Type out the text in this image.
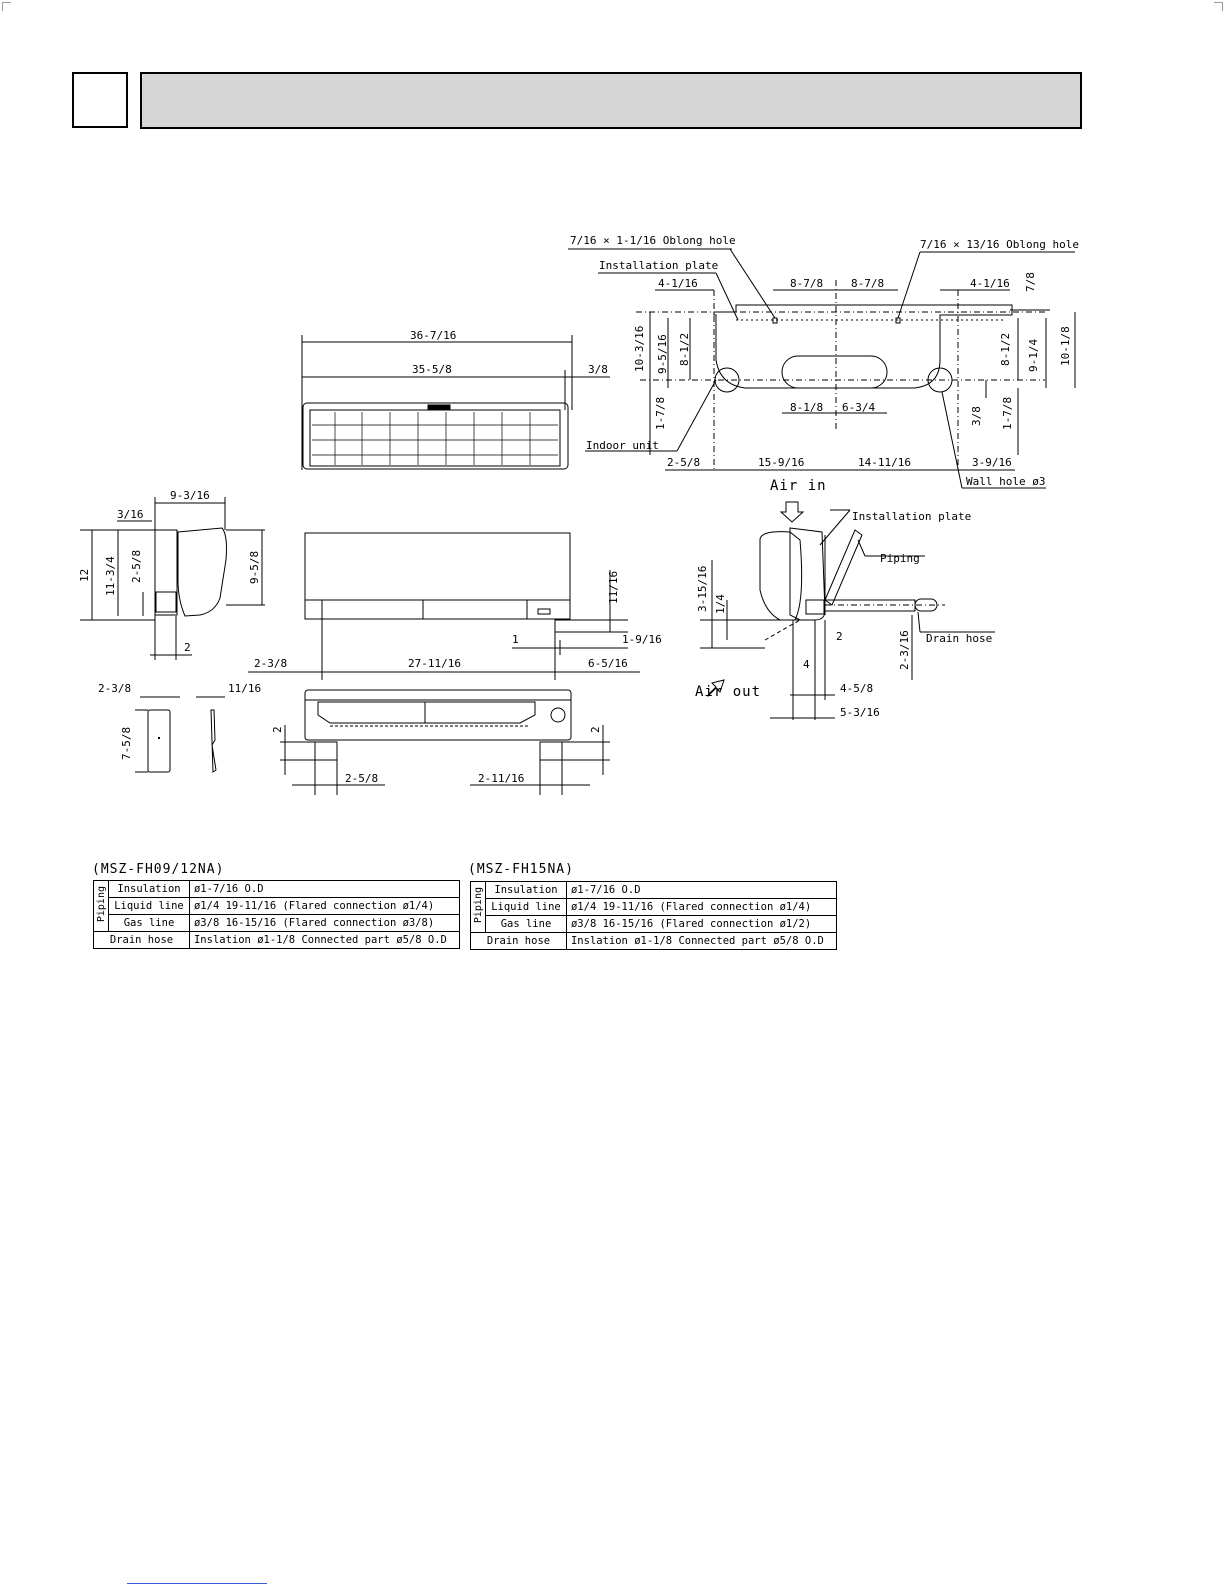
7/16 × 1-1/16 Oblong hole
Installation plate
7/16 × 13/16 Oblong hole
4-1/16	8-7/8	8-7/8	4-1/16 7/8
10-3/16 9-5/16 8-1/2	8-1/2 9-1/4 10-1/8
1-7/8	8-1/8 6-3/4	3/8 1-7/8
Indoor unit
2-5/8	15-9/16	14-11/16	3-9/16
Wall hole ø3
36-7/16
35-5/8	3/8
9-3/16
3/16
12 11-3/4 2-5/8	9-5/8
2
11/16
1	1-9/16
2-3/8	27-11/16	6-5/16
2-3/8	11/16
7-5/8	2	2
2-5/8	2-11/16
Air in
Air out
Installation plate
Piping
Drain hose
3-15/16 1/4
2	2-3/16
4
4-5/8
5-3/16
(MSZ-FH09/12NA)
Piping	Insulation	ø1-7/16 O.D
	Liquid line	ø1/4 19-11/16 (Flared connection ø1/4)
	Gas line	ø3/8 16-15/16 (Flared connection ø3/8)
Drain hose		Inslation ø1-1/8 Connected part ø5/8 O.D
(MSZ-FH15NA)
Piping	Insulation	ø1-7/16 O.D
	Liquid line	ø1/4 19-11/16 (Flared connection ø1/4)
	Gas line	ø3/8 16-15/16 (Flared connection ø1/2)
Drain hose		Inslation ø1-1/8 Connected part ø5/8 O.D
